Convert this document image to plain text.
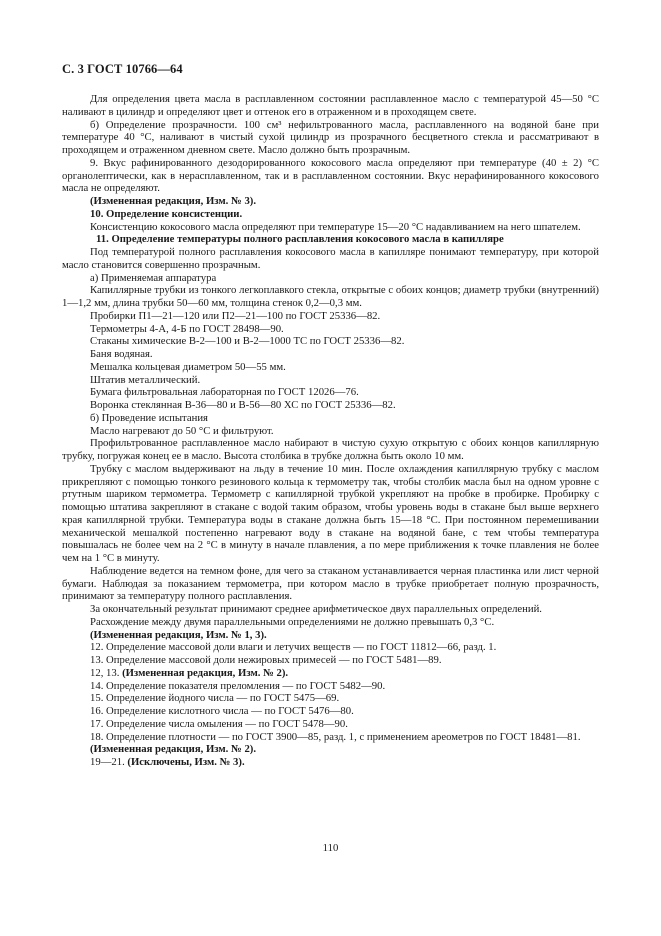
С. 3 ГОСТ 10766—64

Для определения цвета масла в расплавленном состоянии расплавленное масло с температурой 45—50 °С наливают в цилиндр и определяют цвет и оттенок его в отраженном и в проходящем свете.

б) Определение прозрачности. 100 см³ нефильтрованного масла, расплавленного на водяной бане при температуре 40 °С, наливают в чистый сухой цилиндр из прозрачного бесцветного стекла и рассматривают в проходящем и отраженном дневном свете. Масло должно быть прозрачным.

9. Вкус рафинированного дезодорированного кокосового масла определяют при температуре (40 ± 2) °С органолептически, как в нерасплавленном, так и в расплавленном состоянии. Вкус нерафинированного кокосового масла не определяют.

(Измененная редакция, Изм. № 3).

10. Определение консистенции.

Консистенцию кокосового масла определяют при температуре 15—20 °С надавливанием на него шпателем.

11. Определение температуры полного расплавления кокосового масла в капилляре

Под температурой полного расплавления кокосового масла в капилляре понимают температуру, при которой масло становится совершенно прозрачным.

а) Применяемая аппаратура

Капиллярные трубки из тонкого легкоплавкого стекла, открытые с обоих концов; диаметр трубки (внутренний) 1—1,2 мм, длина трубки 50—60 мм, толщина стенок 0,2—0,3 мм.

Пробирки П1—21—120 или П2—21—100 по ГОСТ 25336—82.

Термометры 4-А, 4-Б по ГОСТ 28498—90.

Стаканы химические В-2—100 и В-2—1000 ТС по ГОСТ 25336—82.

Баня водяная.

Мешалка кольцевая диаметром 50—55 мм.

Штатив металлический.

Бумага фильтровальная лабораторная по ГОСТ 12026—76.

Воронка стеклянная В-36—80 и В-56—80 ХС по ГОСТ 25336—82.

б) Проведение испытания

Масло нагревают до 50 °С и фильтруют.

Профильтрованное расплавленное масло набирают в чистую сухую открытую с обоих концов капиллярную трубку, погружая конец ее в масло. Высота столбика в трубке должна быть около 10 мм.

Трубку с маслом выдерживают на льду в течение 10 мин. После охлаждения капиллярную трубку с маслом прикрепляют с помощью тонкого резинового кольца к термометру так, чтобы столбик масла был на одном уровне с ртутным шариком термометра. Термометр с капиллярной трубкой укрепляют на пробке в пробирке. Пробирку с помощью штатива закрепляют в стакане с водой таким образом, чтобы уровень воды в стакане был выше верхнего края капиллярной трубки. Температура воды в стакане должна быть 15—18 °С. При постоянном перемешивании механической мешалкой постепенно нагревают воду в стакане на водяной бане, с тем чтобы температура повышалась не более чем на 2 °С в минуту в начале плавления, а по мере приближения к точке плавления не более чем на 1 °С в минуту.

Наблюдение ведется на темном фоне, для чего за стаканом устанавливается черная пластинка или лист черной бумаги. Наблюдая за показанием термометра, при котором масло в трубке приобретает полную прозрачность, принимают за температуру полного расплавления.

За окончательный результат принимают среднее арифметическое двух параллельных определений.

Расхождение между двумя параллельными определениями не должно превышать 0,3 °С.

(Измененная редакция, Изм. № 1, 3).

12. Определение массовой доли влаги и летучих веществ — по ГОСТ 11812—66, разд. 1.

13. Определение массовой доли нежировых примесей — по ГОСТ 5481—89.

12, 13. (Измененная редакция, Изм. № 2).

14. Определение показателя преломления — по ГОСТ 5482—90.

15. Определение йодного числа — по ГОСТ 5475—69.

16. Определение кислотного числа — по ГОСТ 5476—80.

17. Определение числа омыления — по ГОСТ 5478—90.

18. Определение плотности — по ГОСТ 3900—85, разд. 1, с применением ареометров по ГОСТ 18481—81.

(Измененная редакция, Изм. № 2).

19—21. (Исключены, Изм. № 3).

110
